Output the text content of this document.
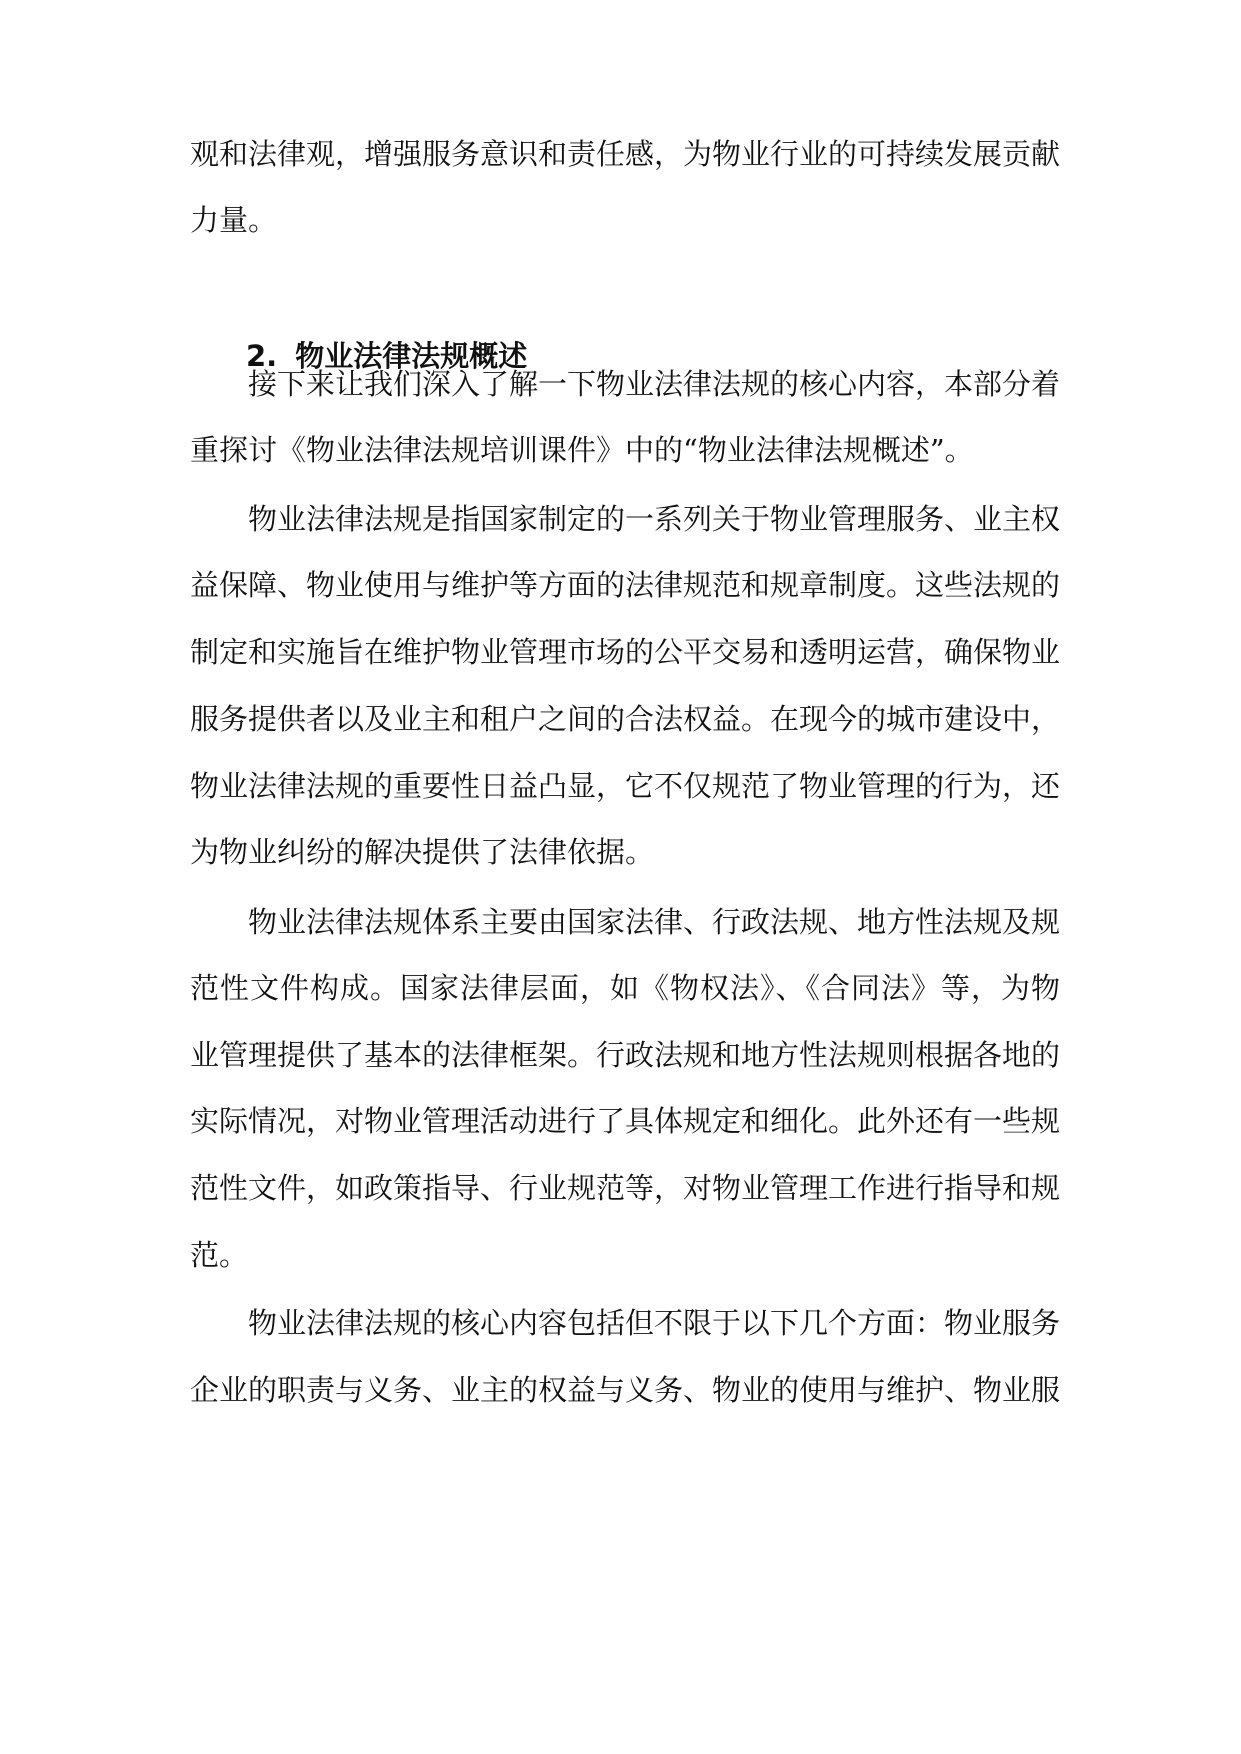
观和法律观，增强服务意识和责任感，为物业行业的可持续发展贡献
力量。
2. 物业法律法规概述
接下来让我们深入了解一下物业法律法规的核心内容，本部分着
重探讨《物业法律法规培训课件》中的“物业法律法规概述”。
物业法律法规是指国家制定的一系列关于物业管理服务、业主权
益保障、物业使用与维护等方面的法律规范和规章制度。这些法规的
制定和实施旨在维护物业管理市场的公平交易和透明运营，确保物业
服务提供者以及业主和租户之间的合法权益。在现今的城市建设中，
物业法律法规的重要性日益凸显，它不仅规范了物业管理的行为，还
为物业纠纷的解决提供了法律依据。
物业法律法规体系主要由国家法律、行政法规、地方性法规及规
范性文件构成。国家法律层面，如《物权法》、《合同法》等，为物
业管理提供了基本的法律框架。行政法规和地方性法规则根据各地的
实际情况，对物业管理活动进行了具体规定和细化。此外还有一些规
范性文件，如政策指导、行业规范等，对物业管理工作进行指导和规
范。
物业法律法规的核心内容包括但不限于以下几个方面：物业服务
企业的职责与义务、业主的权益与义务、物业的使用与维护、物业服
